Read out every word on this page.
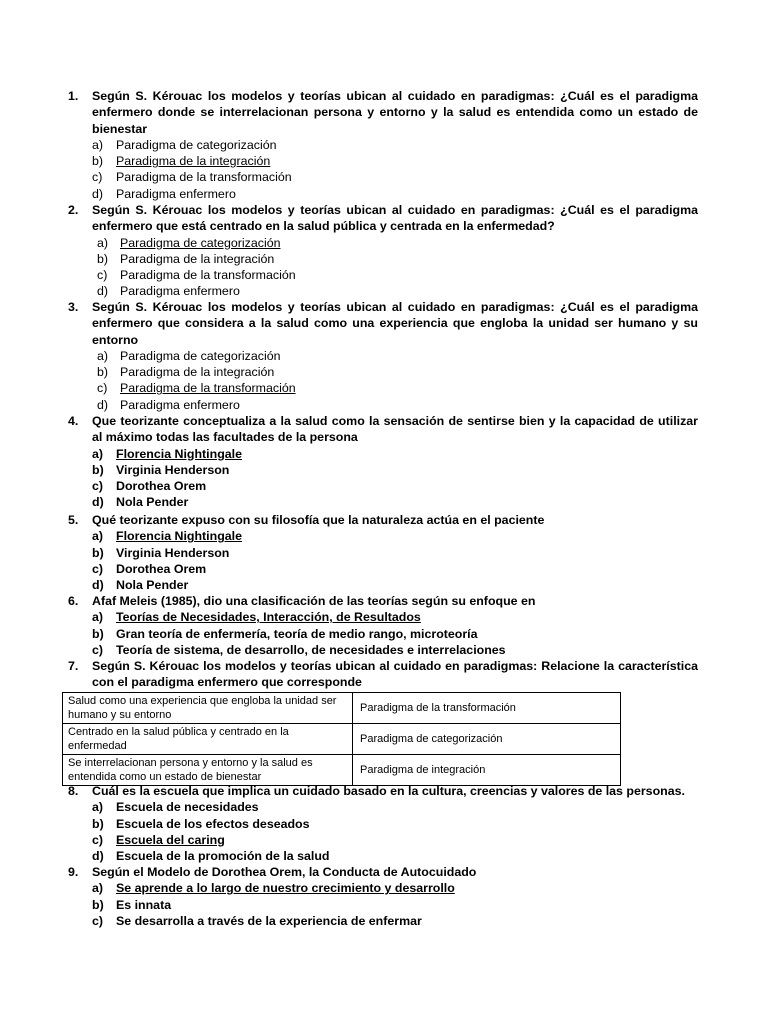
1. Según S. Kérouac los modelos y teorías ubican al cuidado en paradigmas: ¿Cuál es el paradigma enfermero donde se interrelacionan persona y entorno y la salud es entendida como un estado de bienestar
a) Paradigma de categorización
b) Paradigma de la integración
c) Paradigma de la transformación
d) Paradigma enfermero
2. Según S. Kérouac los modelos y teorías ubican al cuidado en paradigmas: ¿Cuál es el paradigma enfermero que está centrado en la salud pública y centrada en la enfermedad?
a) Paradigma de categorización
b) Paradigma de la integración
c) Paradigma de la transformación
d) Paradigma enfermero
3. Según S. Kérouac los modelos y teorías ubican al cuidado en paradigmas: ¿Cuál es el paradigma enfermero que considera a la salud como una experiencia que engloba la unidad ser humano y su entorno
a) Paradigma de categorización
b) Paradigma de la integración
c) Paradigma de la transformación
d) Paradigma enfermero
4. Que teorizante conceptualiza a la salud como la sensación de sentirse bien y la capacidad de utilizar al máximo todas las facultades de la persona
a) Florencia Nightingale
b) Virginia Henderson
c) Dorothea Orem
d) Nola Pender
5. Qué teorizante expuso con su filosofía que la naturaleza actúa en el paciente
a) Florencia Nightingale
b) Virginia Henderson
c) Dorothea Orem
d) Nola Pender
6. Afaf Meleis (1985), dio una clasificación de las teorías según su enfoque en
a) Teorías de Necesidades, Interacción, de Resultados
b) Gran teoría de enfermería, teoría de medio rango, microteoría
c) Teoría de sistema, de desarrollo, de necesidades e interrelaciones
7. Según S. Kérouac los modelos y teorías ubican al cuidado en paradigmas: Relacione la característica con el paradigma enfermero que corresponde
Salud como una experiencia que engloba la unidad ser humano y su entorno	Paradigma de la transformación
Centrado en la salud pública y centrado en la enfermedad	Paradigma de categorización
Se interrelacionan persona y entorno y la salud es entendida como un estado de bienestar	Paradigma de integración
8. Cuál es la escuela que implica un cuidado basado en la cultura, creencias y valores de las personas.
a) Escuela de necesidades
b) Escuela de los efectos deseados
c) Escuela del caring
d) Escuela de la promoción de la salud
9. Según el Modelo de Dorothea Orem, la Conducta de Autocuidado
a) Se aprende a lo largo de nuestro crecimiento y desarrollo
b) Es innata
c) Se desarrolla a través de la experiencia de enfermar
